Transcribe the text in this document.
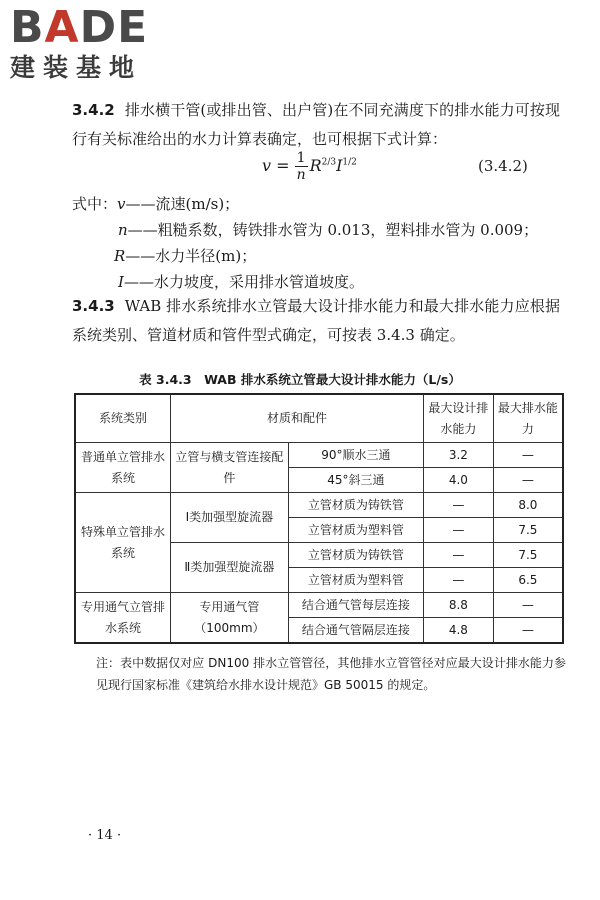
BADE
建装基地
3.4.2 排水横干管(或排出管、出户管)在不同充满度下的排水能力可按现行有关标准给出的水力计算表确定，也可根据下式计算：
$v = \frac{1}{n} R^{2/3}I^{1/2}$	(3.4.2)
式中：v——流速(m/s)；
n——粗糙系数，铸铁排水管为 0.013，塑料排水管为 0.009；
R——水力半径(m)；
I——水力坡度，采用排水管道坡度。
3.4.3 WAB 排水系统排水立管最大设计排水能力和最大排水能力应根据系统类别、管道材质和管件型式确定，可按表 3.4.3 确定。
表 3.4.3　WAB 排水系统立管最大设计排水能力（L/s）
系统类别	材质和配件		最大设计排水能力	最大排水能力
普通单立管排水系统	立管与横支管连接配件	90°顺水三通	3.2	—
		45°斜三通	4.0	—
特殊单立管排水系统	Ⅰ类加强型旋流器	立管材质为铸铁管	—	8.0
		立管材质为塑料管	—	7.5
	Ⅱ类加强型旋流器	立管材质为铸铁管	—	7.5
		立管材质为塑料管	—	6.5
专用通气立管排水系统	专用通气管（100mm）	结合通气管每层连接	8.8	—
		结合通气管隔层连接	4.8	—
注：表中数据仅对应 DN100 排水立管管径，其他排水立管管径对应最大设计排水能力参见现行国家标准《建筑给水排水设计规范》GB 50015 的规定。
· 14 ·
